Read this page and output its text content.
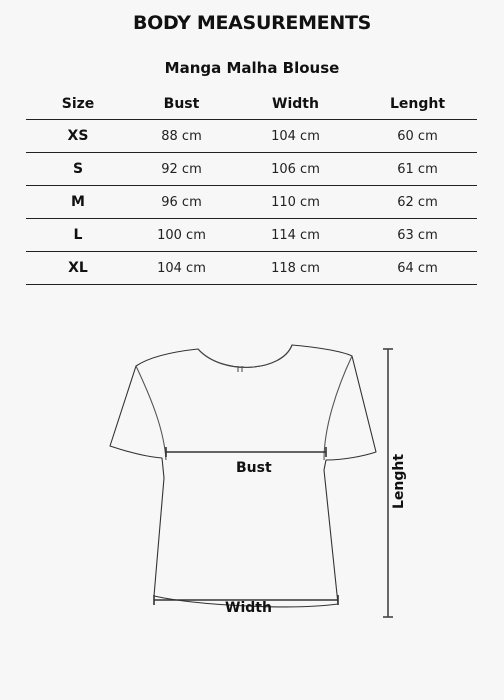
BODY MEASUREMENTS
Manga Malha Blouse
Size	Bust	Width	Lenght
XS	88 cm	104 cm	60 cm
S	92 cm	106 cm	61 cm
M	96 cm	110 cm	62 cm
L	100 cm	114 cm	63 cm
XL	104 cm	118 cm	64 cm
Bust
Width
Lenght
